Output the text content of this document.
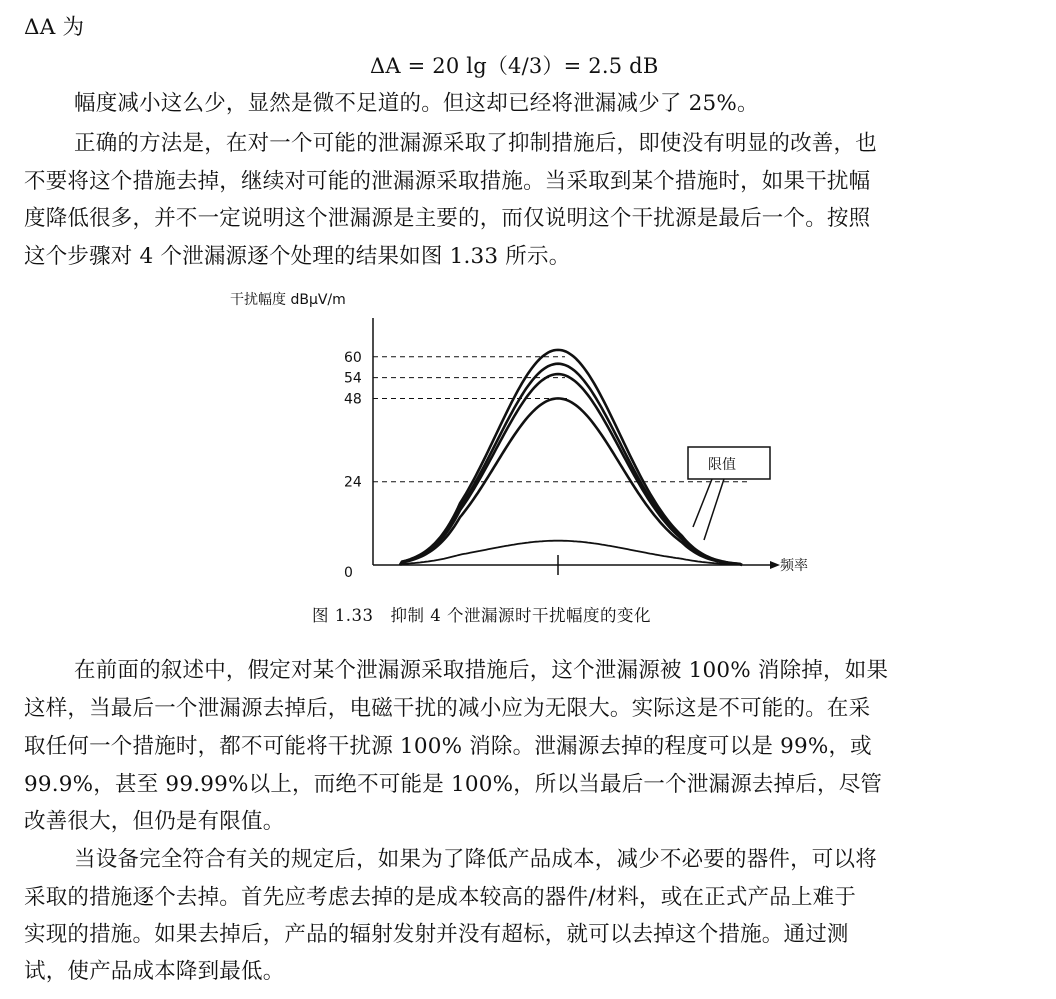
ΔA 为
ΔA = 20 lg（4/3）= 2.5 dB
幅度减小这么少，显然是微不足道的。但这却已经将泄漏减少了 25%。
正确的方法是，在对一个可能的泄漏源采取了抑制措施后，即使没有明显的改善，也
不要将这个措施去掉，继续对可能的泄漏源采取措施。当采取到某个措施时，如果干扰幅
度降低很多，并不一定说明这个泄漏源是主要的，而仅说明这个干扰源是最后一个。按照
这个步骤对 4 个泄漏源逐个处理的结果如图 1.33 所示。
干扰幅度 dBμV/m
频率
60
54
48
24
0
限值
图 1.33　抑制 4 个泄漏源时干扰幅度的变化
在前面的叙述中，假定对某个泄漏源采取措施后，这个泄漏源被 100% 消除掉，如果
这样，当最后一个泄漏源去掉后，电磁干扰的减小应为无限大。实际这是不可能的。在采
取任何一个措施时，都不可能将干扰源 100% 消除。泄漏源去掉的程度可以是 99%，或
99.9%，甚至 99.99%以上，而绝不可能是 100%，所以当最后一个泄漏源去掉后，尽管
改善很大，但仍是有限值。
当设备完全符合有关的规定后，如果为了降低产品成本，减少不必要的器件，可以将
采取的措施逐个去掉。首先应考虑去掉的是成本较高的器件/材料，或在正式产品上难于
实现的措施。如果去掉后，产品的辐射发射并没有超标，就可以去掉这个措施。通过测
试，使产品成本降到最低。
